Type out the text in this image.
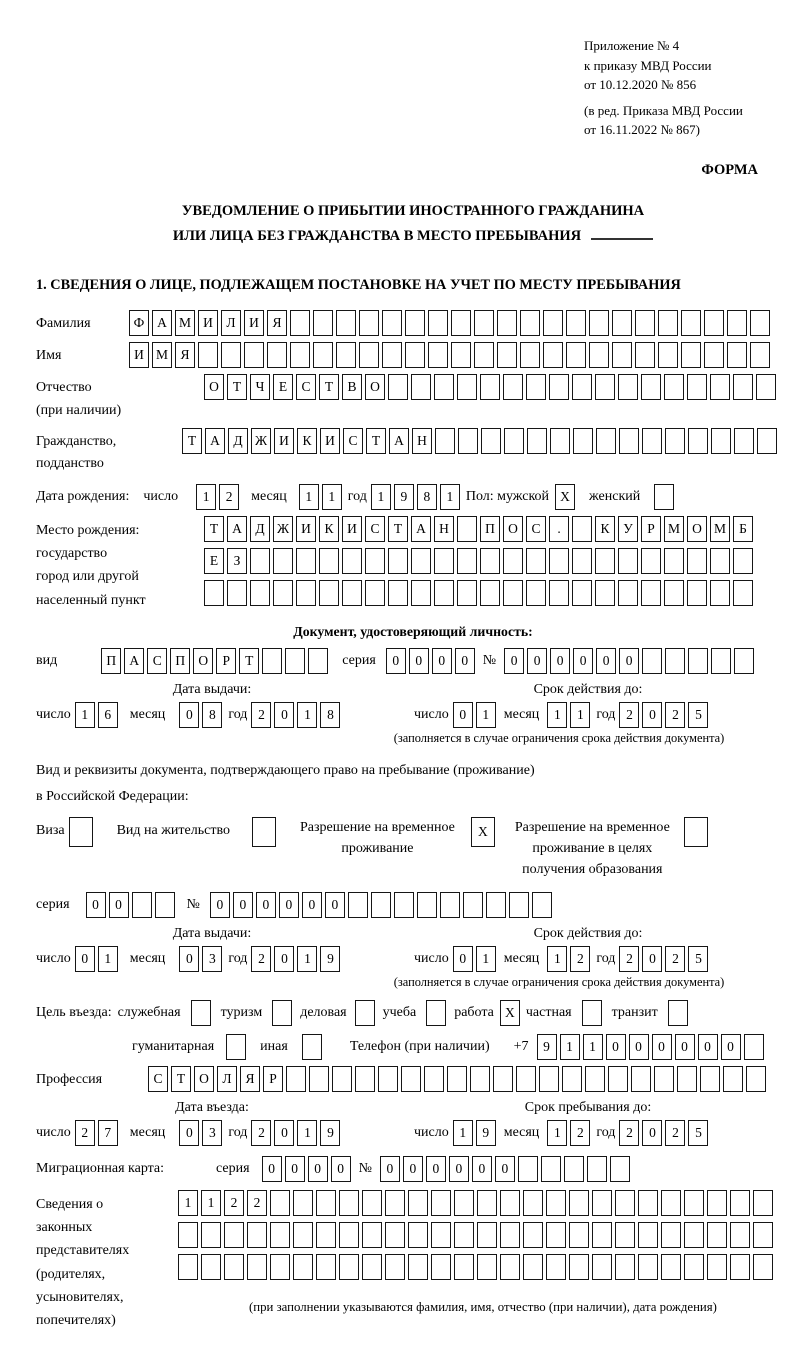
Приложение № 4
к приказу МВД России
от 10.12.2020 № 856
(в ред. Приказа МВД России
от 16.11.2022 № 867)
ФОРМА
УВЕДОМЛЕНИЕ О ПРИБЫТИИ ИНОСТРАННОГО ГРАЖДАНИНА
ИЛИ ЛИЦА БЕЗ ГРАЖДАНСТВА В МЕСТО ПРЕБЫВАНИЯ
1. СВЕДЕНИЯ О ЛИЦЕ, ПОДЛЕЖАЩЕМ ПОСТАНОВКЕ НА УЧЕТ ПО МЕСТУ ПРЕБЫВАНИЯ
Фамилия	Ф А М И	Л	И	Я
Имя	И М Я
Отчество
(при наличии)
О	Т	Ч	Е	С	Т	В	О
Гражданство,
подданство
Т	А	Д Ж И	К	И	С	Т	А Н
Дата рождения: число	1	2	месяц	1	1 год 1	9	8	1 Пол: мужской X	женский
Место рождения:
государство
город или другой
населенный пункт
Т	А	Д Ж И	К	И	С	Т	А Н	П О	С	.	К	У	Р М О М Б
Е	З
Документ, удостоверяющий личность:
вид	П А	С	П О	Р	Т	серия	0	0	0	0	№	0	0	0	0	0	0
Дата выдачи:
число 1	6	месяц	0	8 год 2	0	1	8
Срок действия до:
число 0	1	месяц	1	1 год 2	0	2	5
(заполняется в случае ограничения срока действия документа)
Вид и реквизиты документа, подтверждающего право на пребывание (проживание)
в Российской Федерации:
Виза	Вид на жительство	Разрешение на временное
проживание
X	Разрешение на временное
проживание в целях
получения образования
серия	0	0	№	0	0	0	0	0	0
Дата выдачи:
число 0	1	месяц	0	3 год 2	0	1	9
Срок действия до:
число 0	1	месяц	1	2 год 2	0	2	5
(заполняется в случае ограничения срока действия документа)
Цель въезда: служебная	туризм	деловая	учеба	работа X частная	транзит
гуманитарная	иная	Телефон (при наличии) +7	9	1	1	0	0	0	0	0	0
Профессия	С	Т	О	Л	Я	Р
Дата въезда:
число 2	7	месяц	0	3 год 2	0	1	9
Срок пребывания до:
число 1	9	месяц	1	2 год 2	0	2	5
Миграционная карта:	серия	0	0	0	0	№	0	0	0	0	0	0
Сведения о
законных
представителях
(родителях,
усыновителях,
попечителях)
1	1	2	2
(при заполнении указываются фамилия, имя, отчество (при наличии), дата рождения)
